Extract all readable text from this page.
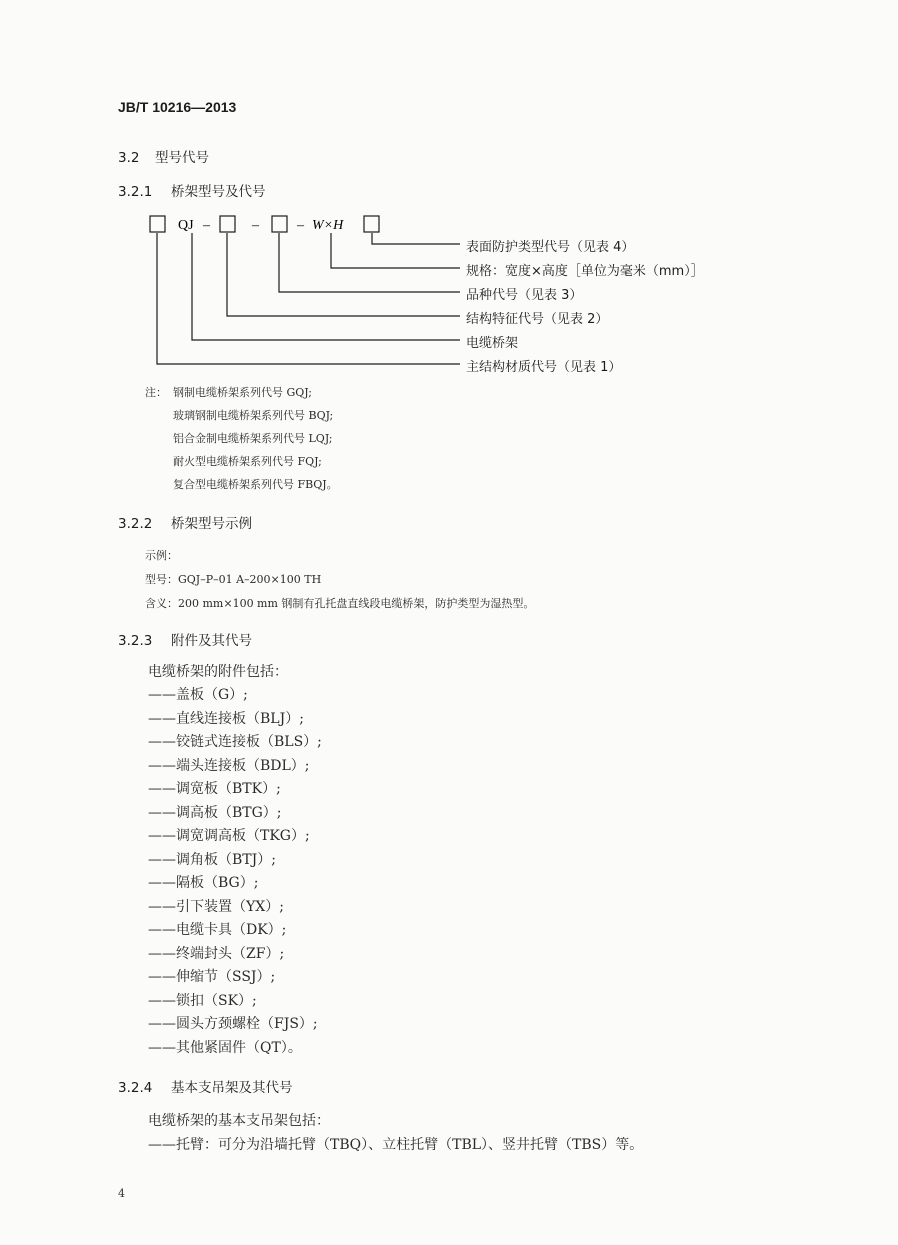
JB/T 10216—2013
3.2 型号代号
3.2.1 桥架型号及代号
QJ –	–	– W×H
表面防护类型代号（见表 4）
规格：宽度×高度［单位为毫米（mm）］
品种代号（见表 3）
结构特征代号（见表 2）
电缆桥架
主结构材质代号（见表 1）
注： 钢制电缆桥架系列代号 GQJ;
玻璃钢制电缆桥架系列代号 BQJ;
铝合金制电缆桥架系列代号 LQJ;
耐火型电缆桥架系列代号 FQJ;
复合型电缆桥架系列代号 FBQJ。
3.2.2 桥架型号示例
示例：
型号：GQJ–P–01 A–200×100 TH
含义：200 mm×100 mm 钢制有孔托盘直线段电缆桥架，防护类型为湿热型。
3.2.3 附件及其代号
电缆桥架的附件包括：
——盖板（G）;
——直线连接板（BLJ）;
——铰链式连接板（BLS）;
——端头连接板（BDL）;
——调宽板（BTK）;
——调高板（BTG）;
——调宽调高板（TKG）;
——调角板（BTJ）;
——隔板（BG）;
——引下装置（YX）;
——电缆卡具（DK）;
——终端封头（ZF）;
——伸缩节（SSJ）;
——锁扣（SK）;
——圆头方颈螺栓（FJS）;
——其他紧固件（QT）。
3.2.4 基本支吊架及其代号
电缆桥架的基本支吊架包括：
——托臂：可分为沿墙托臂（TBQ）、立柱托臂（TBL）、竖井托臂（TBS）等。
4
